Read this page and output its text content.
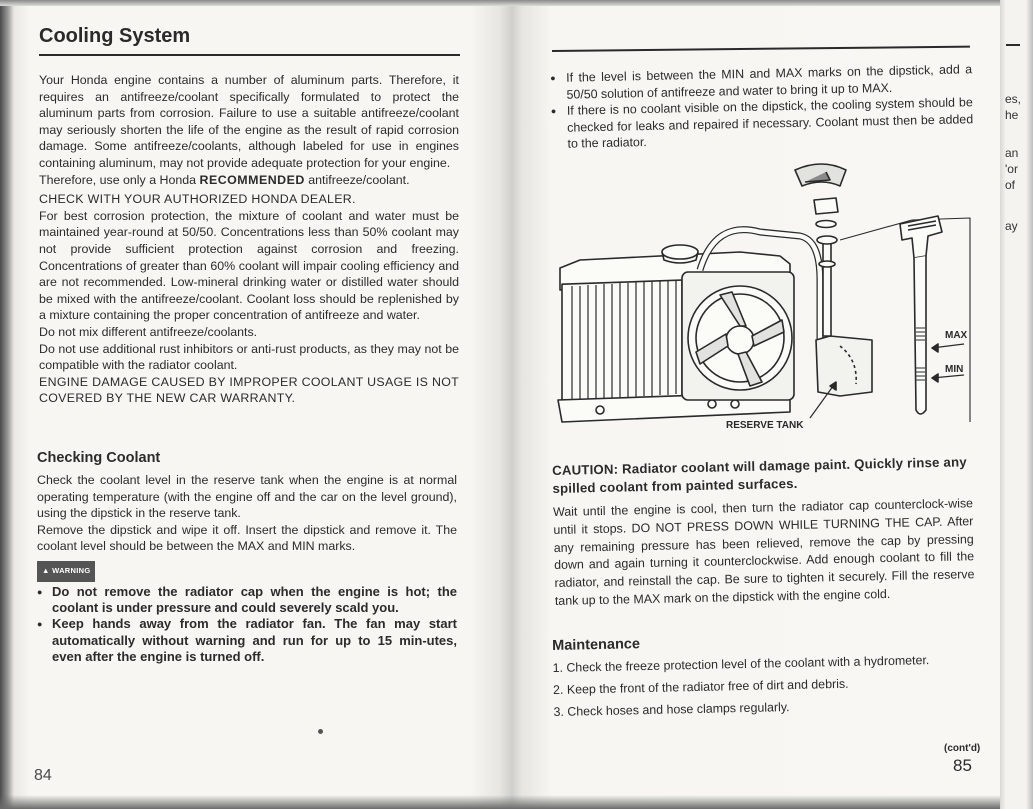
Cooling System

Your Honda engine contains a number of aluminum parts. Therefore, it requires an antifreeze/coolant specifically formulated to protect the aluminum parts from corrosion. Failure to use a suitable antifreeze/coolant may seriously shorten the life of the engine as the result of rapid corrosion damage. Some antifreeze/coolants, although labeled for use in engines containing aluminum, may not provide adequate protection for your engine.

Therefore, use only a Honda RECOMMENDED antifreeze/coolant.

CHECK WITH YOUR AUTHORIZED HONDA DEALER.

For best corrosion protection, the mixture of coolant and water must be maintained year-round at 50/50. Concentrations less than 50% coolant may not provide sufficient protection against corrosion and freezing. Concentrations of greater than 60% coolant will impair cooling efficiency and are not recommended. Low-mineral drinking water or distilled water should be mixed with the antifreeze/coolant. Coolant loss should be replenished by a mixture containing the proper concentration of antifreeze and water.

Do not mix different antifreeze/coolants.

Do not use additional rust inhibitors or anti-rust products, as they may not be compatible with the radiator coolant.

ENGINE DAMAGE CAUSED BY IMPROPER COOLANT USAGE IS NOT COVERED BY THE NEW CAR WARRANTY.

Checking Coolant

Check the coolant level in the reserve tank when the engine is at normal operating temperature (with the engine off and the car on the level ground), using the dipstick in the reserve tank.

Remove the dipstick and wipe it off. Insert the dipstick and remove it. The coolant level should be between the MAX and MIN marks.

▲ WARNING
● Do not remove the radiator cap when the engine is hot; the coolant is under pressure and could severely scald you.
● Keep hands away from the radiator fan. The fan may start automatically without warning and run for up to 15 min-utes, even after the engine is turned off.
84
● If the level is between the MIN and MAX marks on the dipstick, add a 50/50 solution of antifreeze and water to bring it up to MAX.
● If there is no coolant visible on the dipstick, the cooling system should be checked for leaks and repaired if necessary. Coolant must then be added to the radiator.
MAX
MIN
RESERVE TANK

CAUTION: Radiator coolant will damage paint. Quickly rinse any spilled coolant from painted surfaces.

Wait until the engine is cool, then turn the radiator cap counterclock-wise until it stops. DO NOT PRESS DOWN WHILE TURNING THE CAP. After any remaining pressure has been relieved, remove the cap by pressing down and again turning it counterclockwise. Add enough coolant to fill the radiator, and reinstall the cap. Be sure to tighten it securely. Fill the reserve tank up to the MAX mark on the dipstick with the engine cold.

Maintenance
1. Check the freeze protection level of the coolant with a hydrometer.
2. Keep the front of the radiator free of dirt and debris.
3. Check hoses and hose clamps regularly.
(cont'd)
85
es,
he
an
'or
of
ay
